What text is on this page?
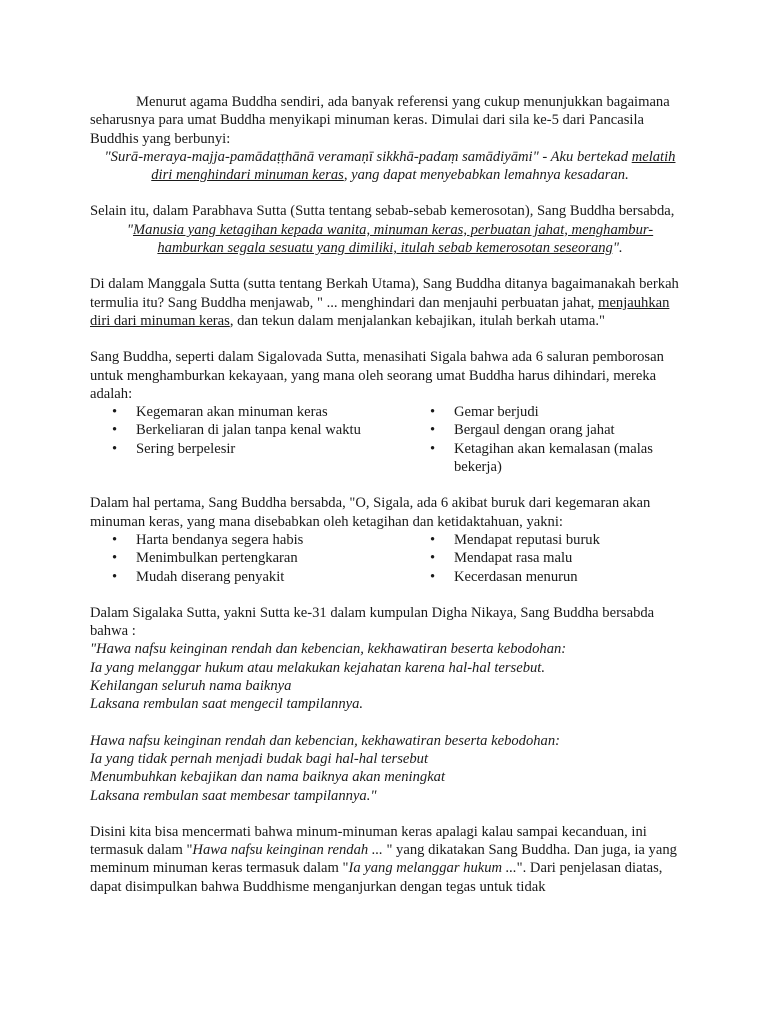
Menurut agama Buddha sendiri, ada banyak referensi yang cukup menunjukkan bagaimana seharusnya para umat Buddha menyikapi minuman keras. Dimulai dari sila ke-5 dari Pancasila Buddhis yang berbunyi:

"Surā-meraya-majja-pamādaṭṭhānā veramaṇī sikkhā-padaṃ samādiyāmi" - Aku bertekad melatih diri menghindari minuman keras, yang dapat menyebabkan lemahnya kesadaran.

Selain itu, dalam Parabhava Sutta (Sutta tentang sebab-sebab kemerosotan), Sang Buddha bersabda,

"Manusia yang ketagihan kepada wanita, minuman keras, perbuatan jahat, menghambur-
hamburkan segala sesuatu yang dimiliki, itulah sebab kemerosotan seseorang".

Di dalam Manggala Sutta (sutta tentang Berkah Utama), Sang Buddha ditanya bagaimanakah berkah termulia itu? Sang Buddha menjawab, " ... menghindari dan menjauhi perbuatan jahat, menjauhkan diri dari minuman keras, dan tekun dalam menjalankan kebajikan, itulah berkah utama."

Sang Buddha, seperti dalam Sigalovada Sutta, menasihati Sigala bahwa ada 6 saluran pemborosan untuk menghamburkan kekayaan, yang mana oleh seorang umat Buddha harus dihindari, mereka adalah:

• Kegemaran akan minuman keras
• Berkeliaran di jalan tanpa kenal waktu
• Sering berpelesir
• Gemar berjudi
• Bergaul dengan orang jahat
• Ketagihan akan kemalasan (malas bekerja)

Dalam hal pertama, Sang Buddha bersabda, "O, Sigala, ada 6 akibat buruk dari kegemaran akan minuman keras, yang mana disebabkan oleh ketagihan dan ketidaktahuan, yakni:

• Harta bendanya segera habis
• Menimbulkan pertengkaran
• Mudah diserang penyakit
• Mendapat reputasi buruk
• Mendapat rasa malu
• Kecerdasan menurun

Dalam Sigalaka Sutta, yakni Sutta ke-31 dalam kumpulan Digha Nikaya, Sang Buddha bersabda bahwa :

"Hawa nafsu keinginan rendah dan kebencian, kekhawatiran beserta kebodohan:
Ia yang melanggar hukum atau melakukan kejahatan karena hal-hal tersebut.
Kehilangan seluruh nama baiknya
Laksana rembulan saat mengecil tampilannya.
Hawa nafsu keinginan rendah dan kebencian, kekhawatiran beserta kebodohan:
Ia yang tidak pernah menjadi budak bagi hal-hal tersebut
Menumbuhkan kebajikan dan nama baiknya akan meningkat
Laksana rembulan saat membesar tampilannya."

Disini kita bisa mencermati bahwa minum-minuman keras apalagi kalau sampai kecanduan, ini termasuk dalam "Hawa nafsu keinginan rendah ... " yang dikatakan Sang Buddha. Dan juga, ia yang meminum minuman keras termasuk dalam "Ia yang melanggar hukum ...". Dari penjelasan diatas, dapat disimpulkan bahwa Buddhisme menganjurkan dengan tegas untuk tidak
